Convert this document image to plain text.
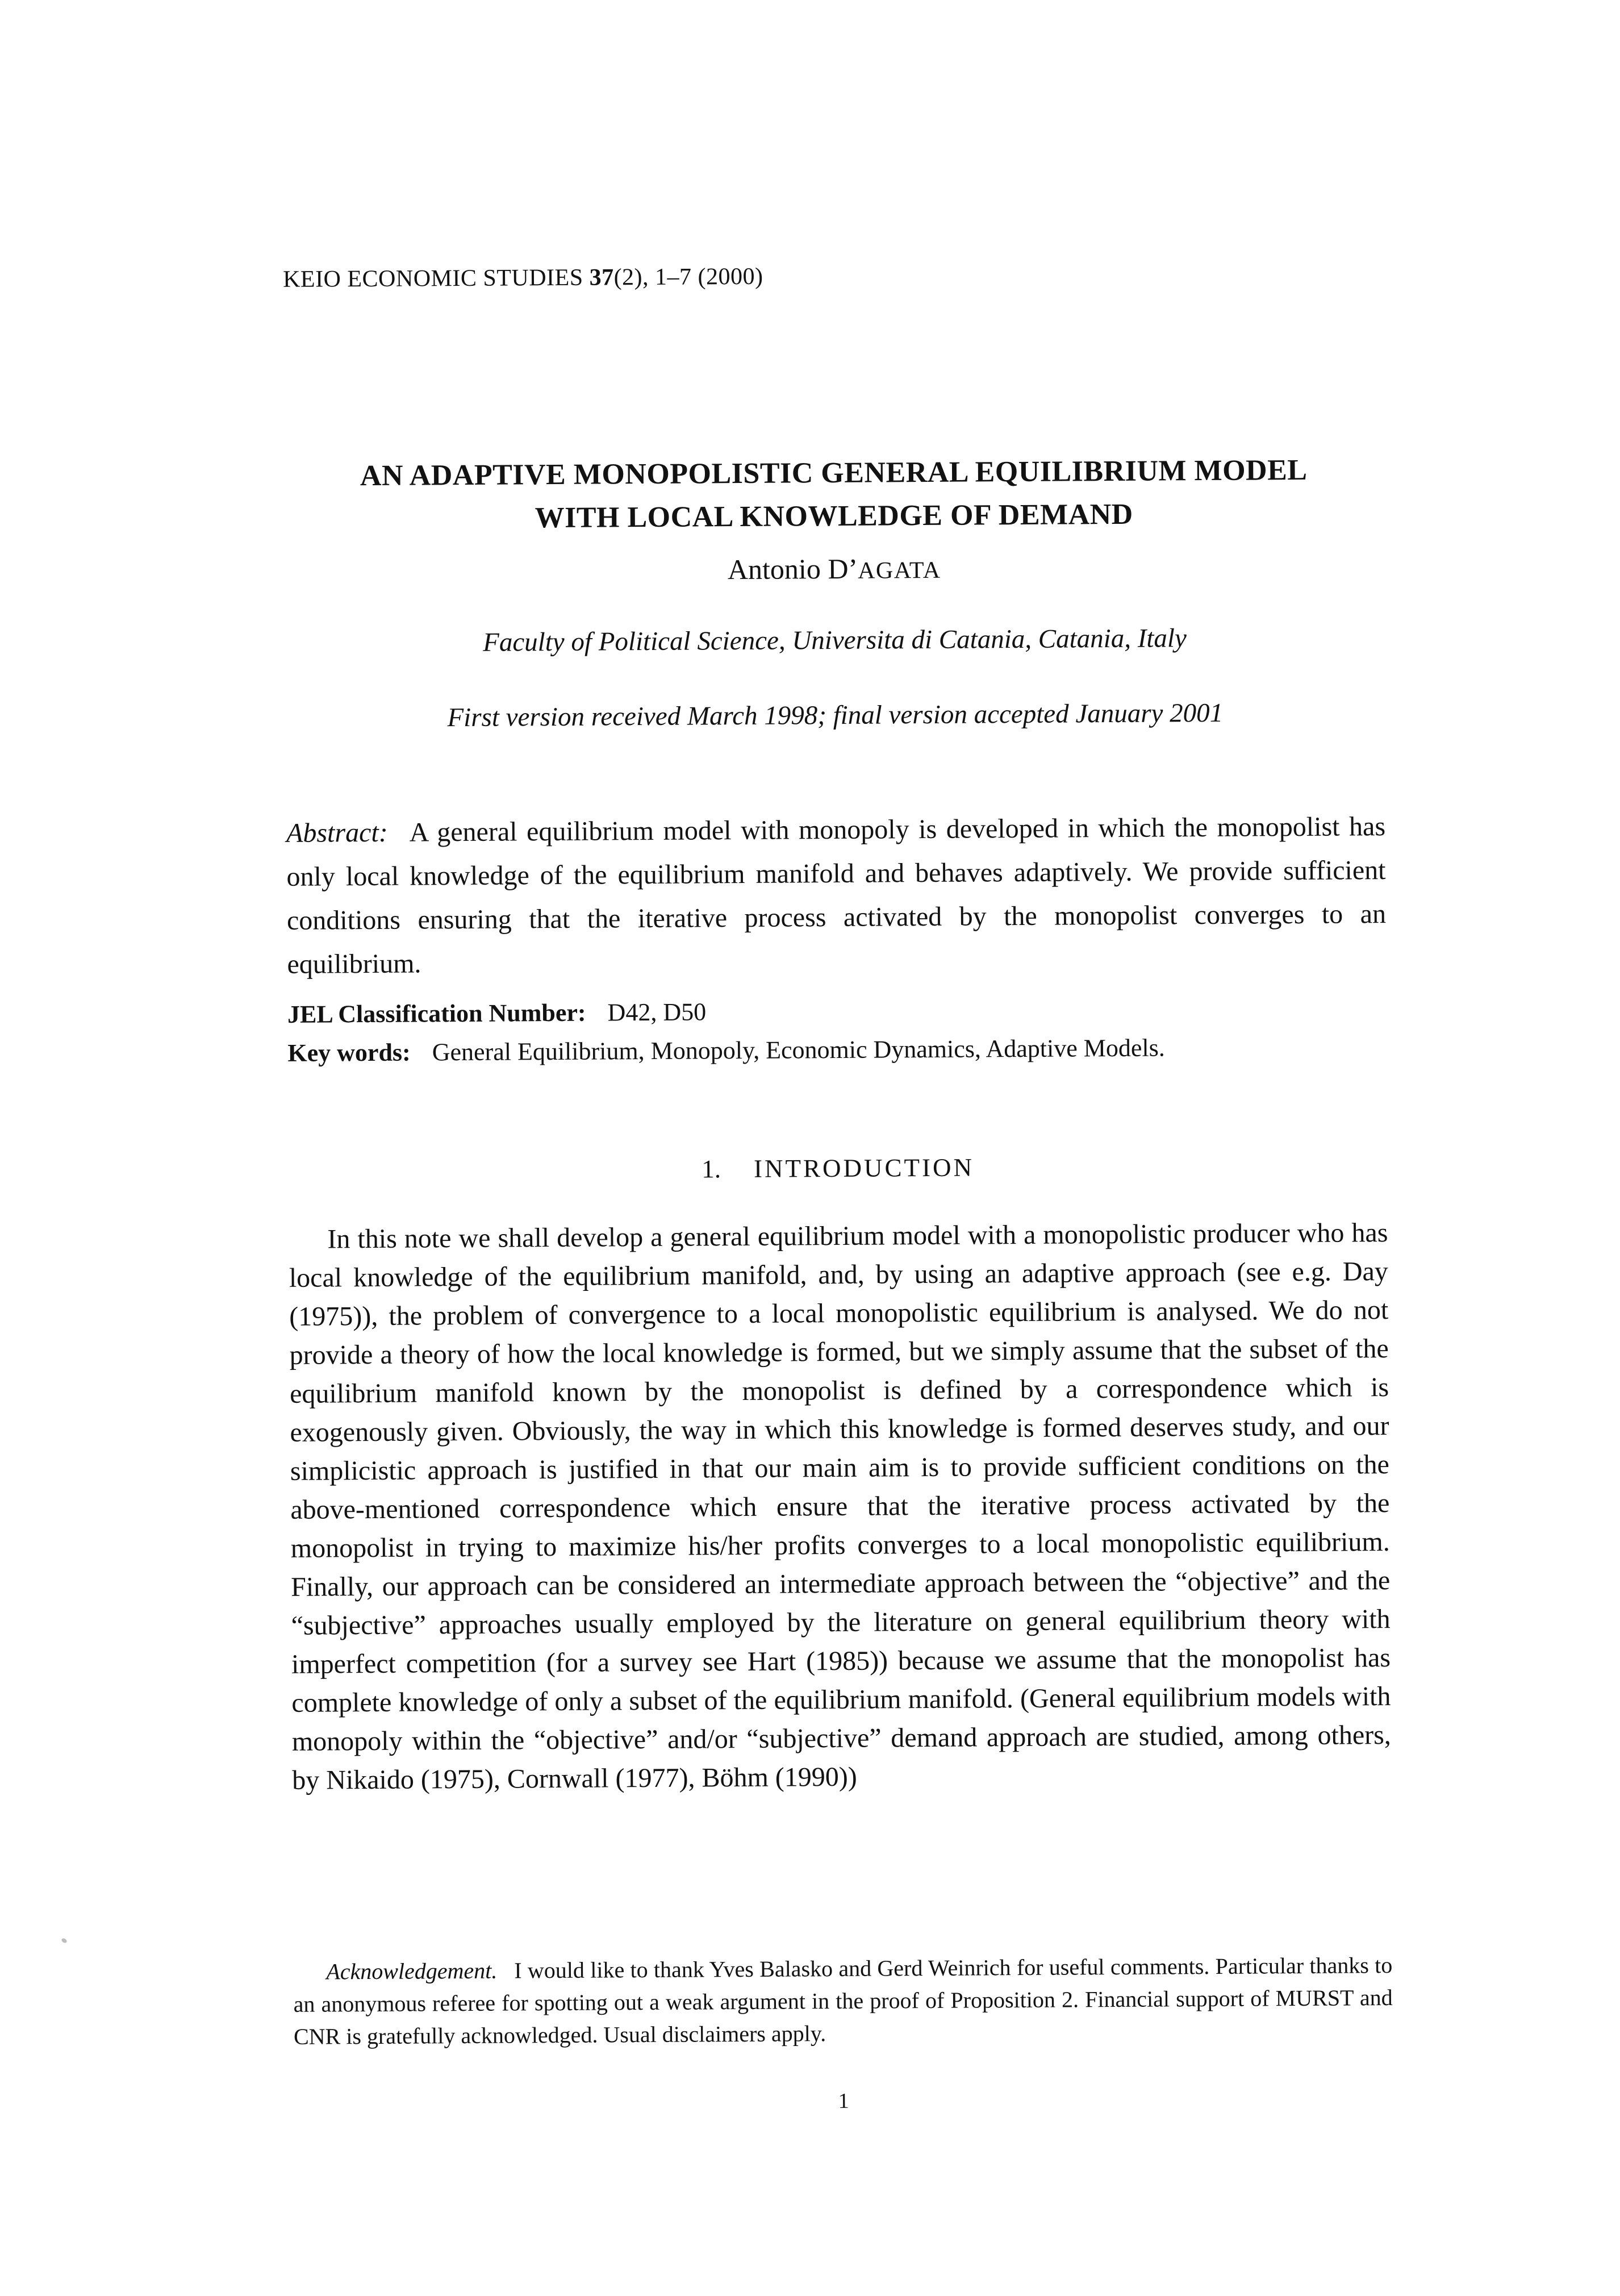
KEIO ECONOMIC STUDIES 37(2), 1–7 (2000)
AN ADAPTIVE MONOPOLISTIC GENERAL EQUILIBRIUM MODEL
WITH LOCAL KNOWLEDGE OF DEMAND
Antonio D’AGATA
Faculty of Political Science, Universita di Catania, Catania, Italy
First version received March 1998; final version accepted January 2001
Abstract: A general equilibrium model with monopoly is developed in which the monopolist has only local knowledge of the equilibrium manifold and behaves adaptively. We provide sufficient conditions ensuring that the iterative process activated by the monopolist converges to an equilibrium.
JEL Classification Number: D42, D50
Key words: General Equilibrium, Monopoly, Economic Dynamics, Adaptive Models.
1. INTRODUCTION
In this note we shall develop a general equilibrium model with a monopolistic producer who has local knowledge of the equilibrium manifold, and, by using an adaptive approach (see e.g. Day (1975)), the problem of convergence to a local monopolistic equilibrium is analysed. We do not provide a theory of how the local knowledge is formed, but we simply assume that the subset of the equilibrium manifold known by the monopolist is defined by a correspondence which is exogenously given. Obviously, the way in which this knowledge is formed deserves study, and our simplicistic approach is justified in that our main aim is to provide sufficient conditions on the above-mentioned correspondence which ensure that the iterative process activated by the monopolist in trying to maximize his/her profits converges to a local monopolistic equilibrium. Finally, our approach can be considered an intermediate approach between the “objective” and the “subjective” approaches usually employed by the literature on general equilibrium theory with imperfect competition (for a survey see Hart (1985)) because we assume that the monopolist has complete knowledge of only a subset of the equilibrium manifold. (General equilibrium models with monopoly within the “objective” and/or “subjective” demand approach are studied, among others, by Nikaido (1975), Cornwall (1977), Böhm (1990))
Acknowledgement. I would like to thank Yves Balasko and Gerd Weinrich for useful comments. Particular thanks to an anonymous referee for spotting out a weak argument in the proof of Proposition 2. Financial support of MURST and CNR is gratefully acknowledged. Usual disclaimers apply.
1
